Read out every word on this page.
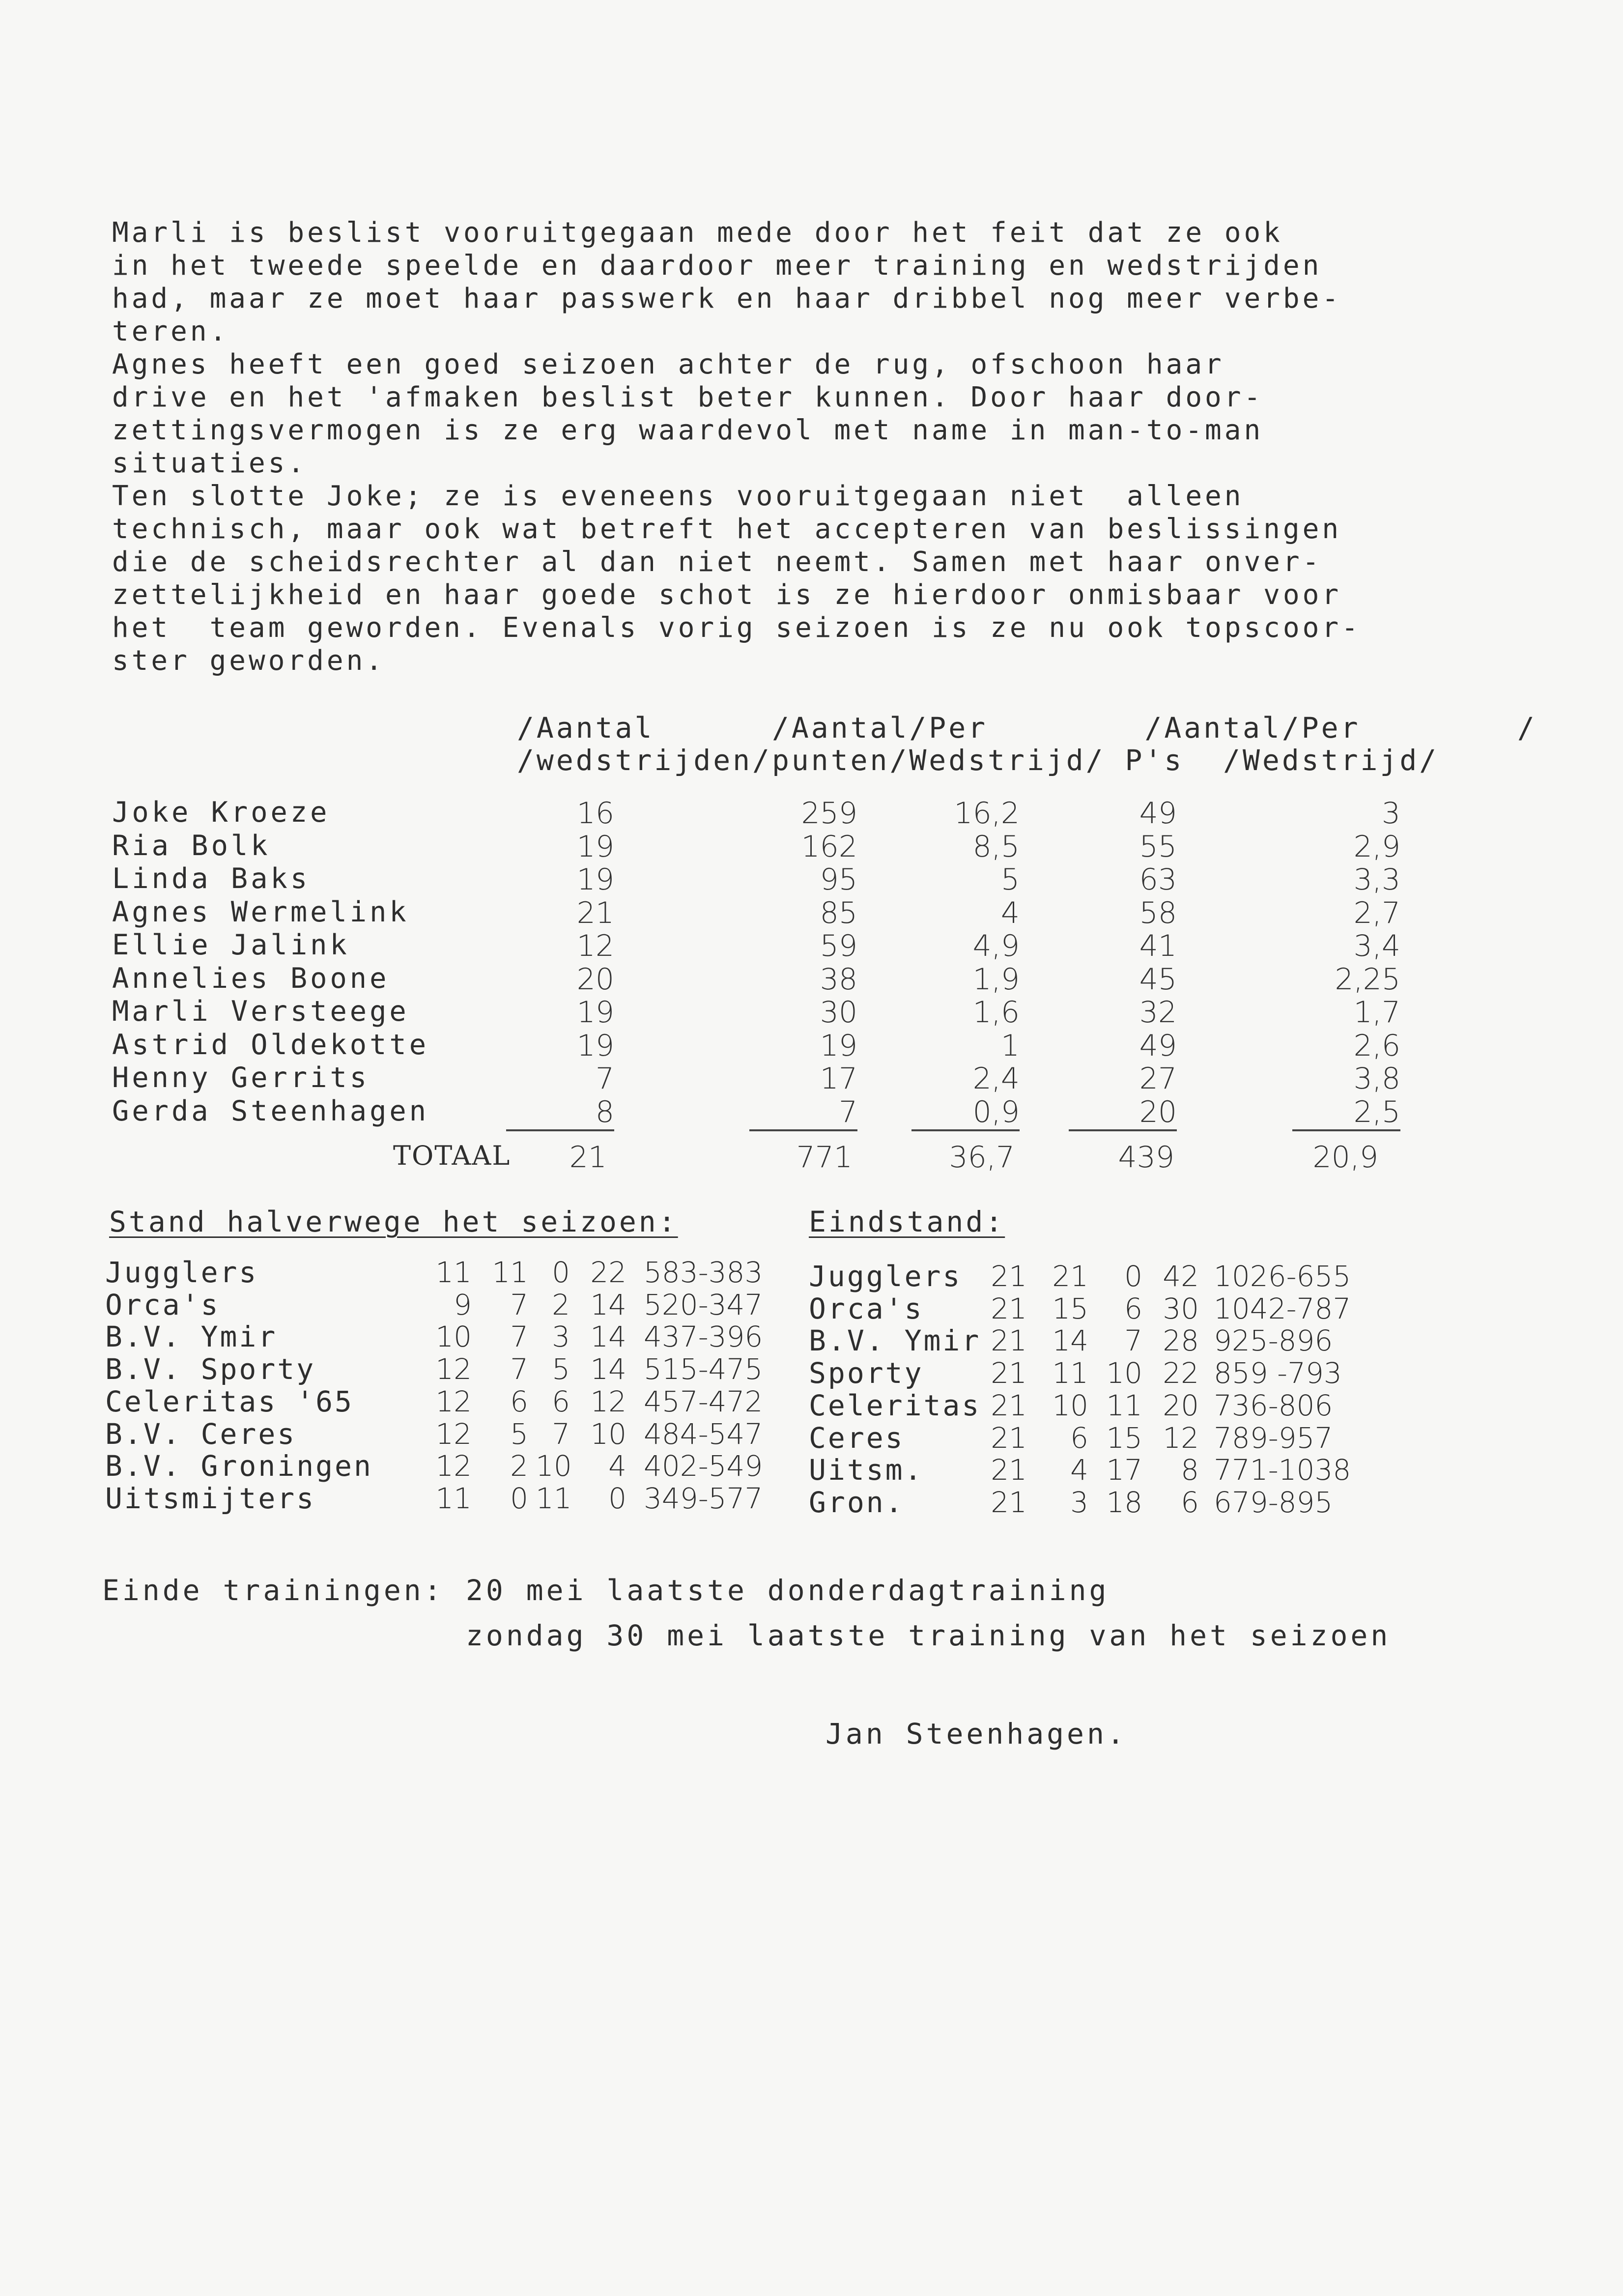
Marli is beslist vooruitgegaan mede door het feit dat ze ook
in het tweede speelde en daardoor meer training en wedstrijden
had, maar ze moet haar passwerk en haar dribbel nog meer verbe-
teren.
Agnes heeft een goed seizoen achter de rug, ofschoon haar
drive en het 'afmaken beslist beter kunnen. Door haar door-
zettingsvermogen is ze erg waardevol met name in man-to-man
situaties.
Ten slotte Joke; ze is eveneens vooruitgegaan niet  alleen
technisch, maar ook wat betreft het accepteren van beslissingen
die de scheidsrechter al dan niet neemt. Samen met haar onver-
zettelijkheid en haar goede schot is ze hierdoor onmisbaar voor
het  team geworden. Evenals vorig seizoen is ze nu ook topscoor-
ster geworden.
/Aantal      /Aantal/Per        /Aantal/Per        /
/wedstrijden/punten/Wedstrijd/ P's  /Wedstrijd/
Joke Kroeze	16	259	16,2	49	3
Ria Bolk	19	162	8,5	55	2,9
Linda Baks	19	95	5	63	3,3
Agnes Wermelink	21	85	4	58	2,7
Ellie Jalink	12	59	4,9	41	3,4
Annelies Boone	20	38	1,9	45	2,25
Marli Versteege	19	30	1,6	32	1,7
Astrid Oldekotte	19	19	1	49	2,6
Henny Gerrits	7	17	2,4	27	3,8
Gerda Steenhagen	8	7	0,9	20	2,5
TOTAAL	21	771	36,7	439	20,9
Stand halverwege het seizoen:	Eindstand:
Jugglers	11 11 0 22 583-383
Orca's	9	7 2 14 520-347
B.V. Ymir	10	7 3 14 437-396
B.V. Sporty	12	7 5 14 515-475
Celeritas '65	12	6 6 12 457-472
B.V. Ceres	12	5 7 10 484-547
B.V. Groningen	12	2 10	4 402-549
Uitsmijters	11	0 11	0 349-577
Jugglers	21 21	0 42 1026-655
Orca's	21 15	6 30 1042-787
B.V. Ymir 21 14	7 28 925-896
Sporty	21 11 10 22 859 -793
Celeritas 21 10 11 20 736-806
Ceres	21	6 15 12 789-957
Uitsm.	21	4 17	8 771-1038
Gron.	21	3 18	6 679-895
Einde trainingen: 20 mei laatste donderdagtraining
zondag 30 mei laatste training van het seizoen
Jan Steenhagen.
